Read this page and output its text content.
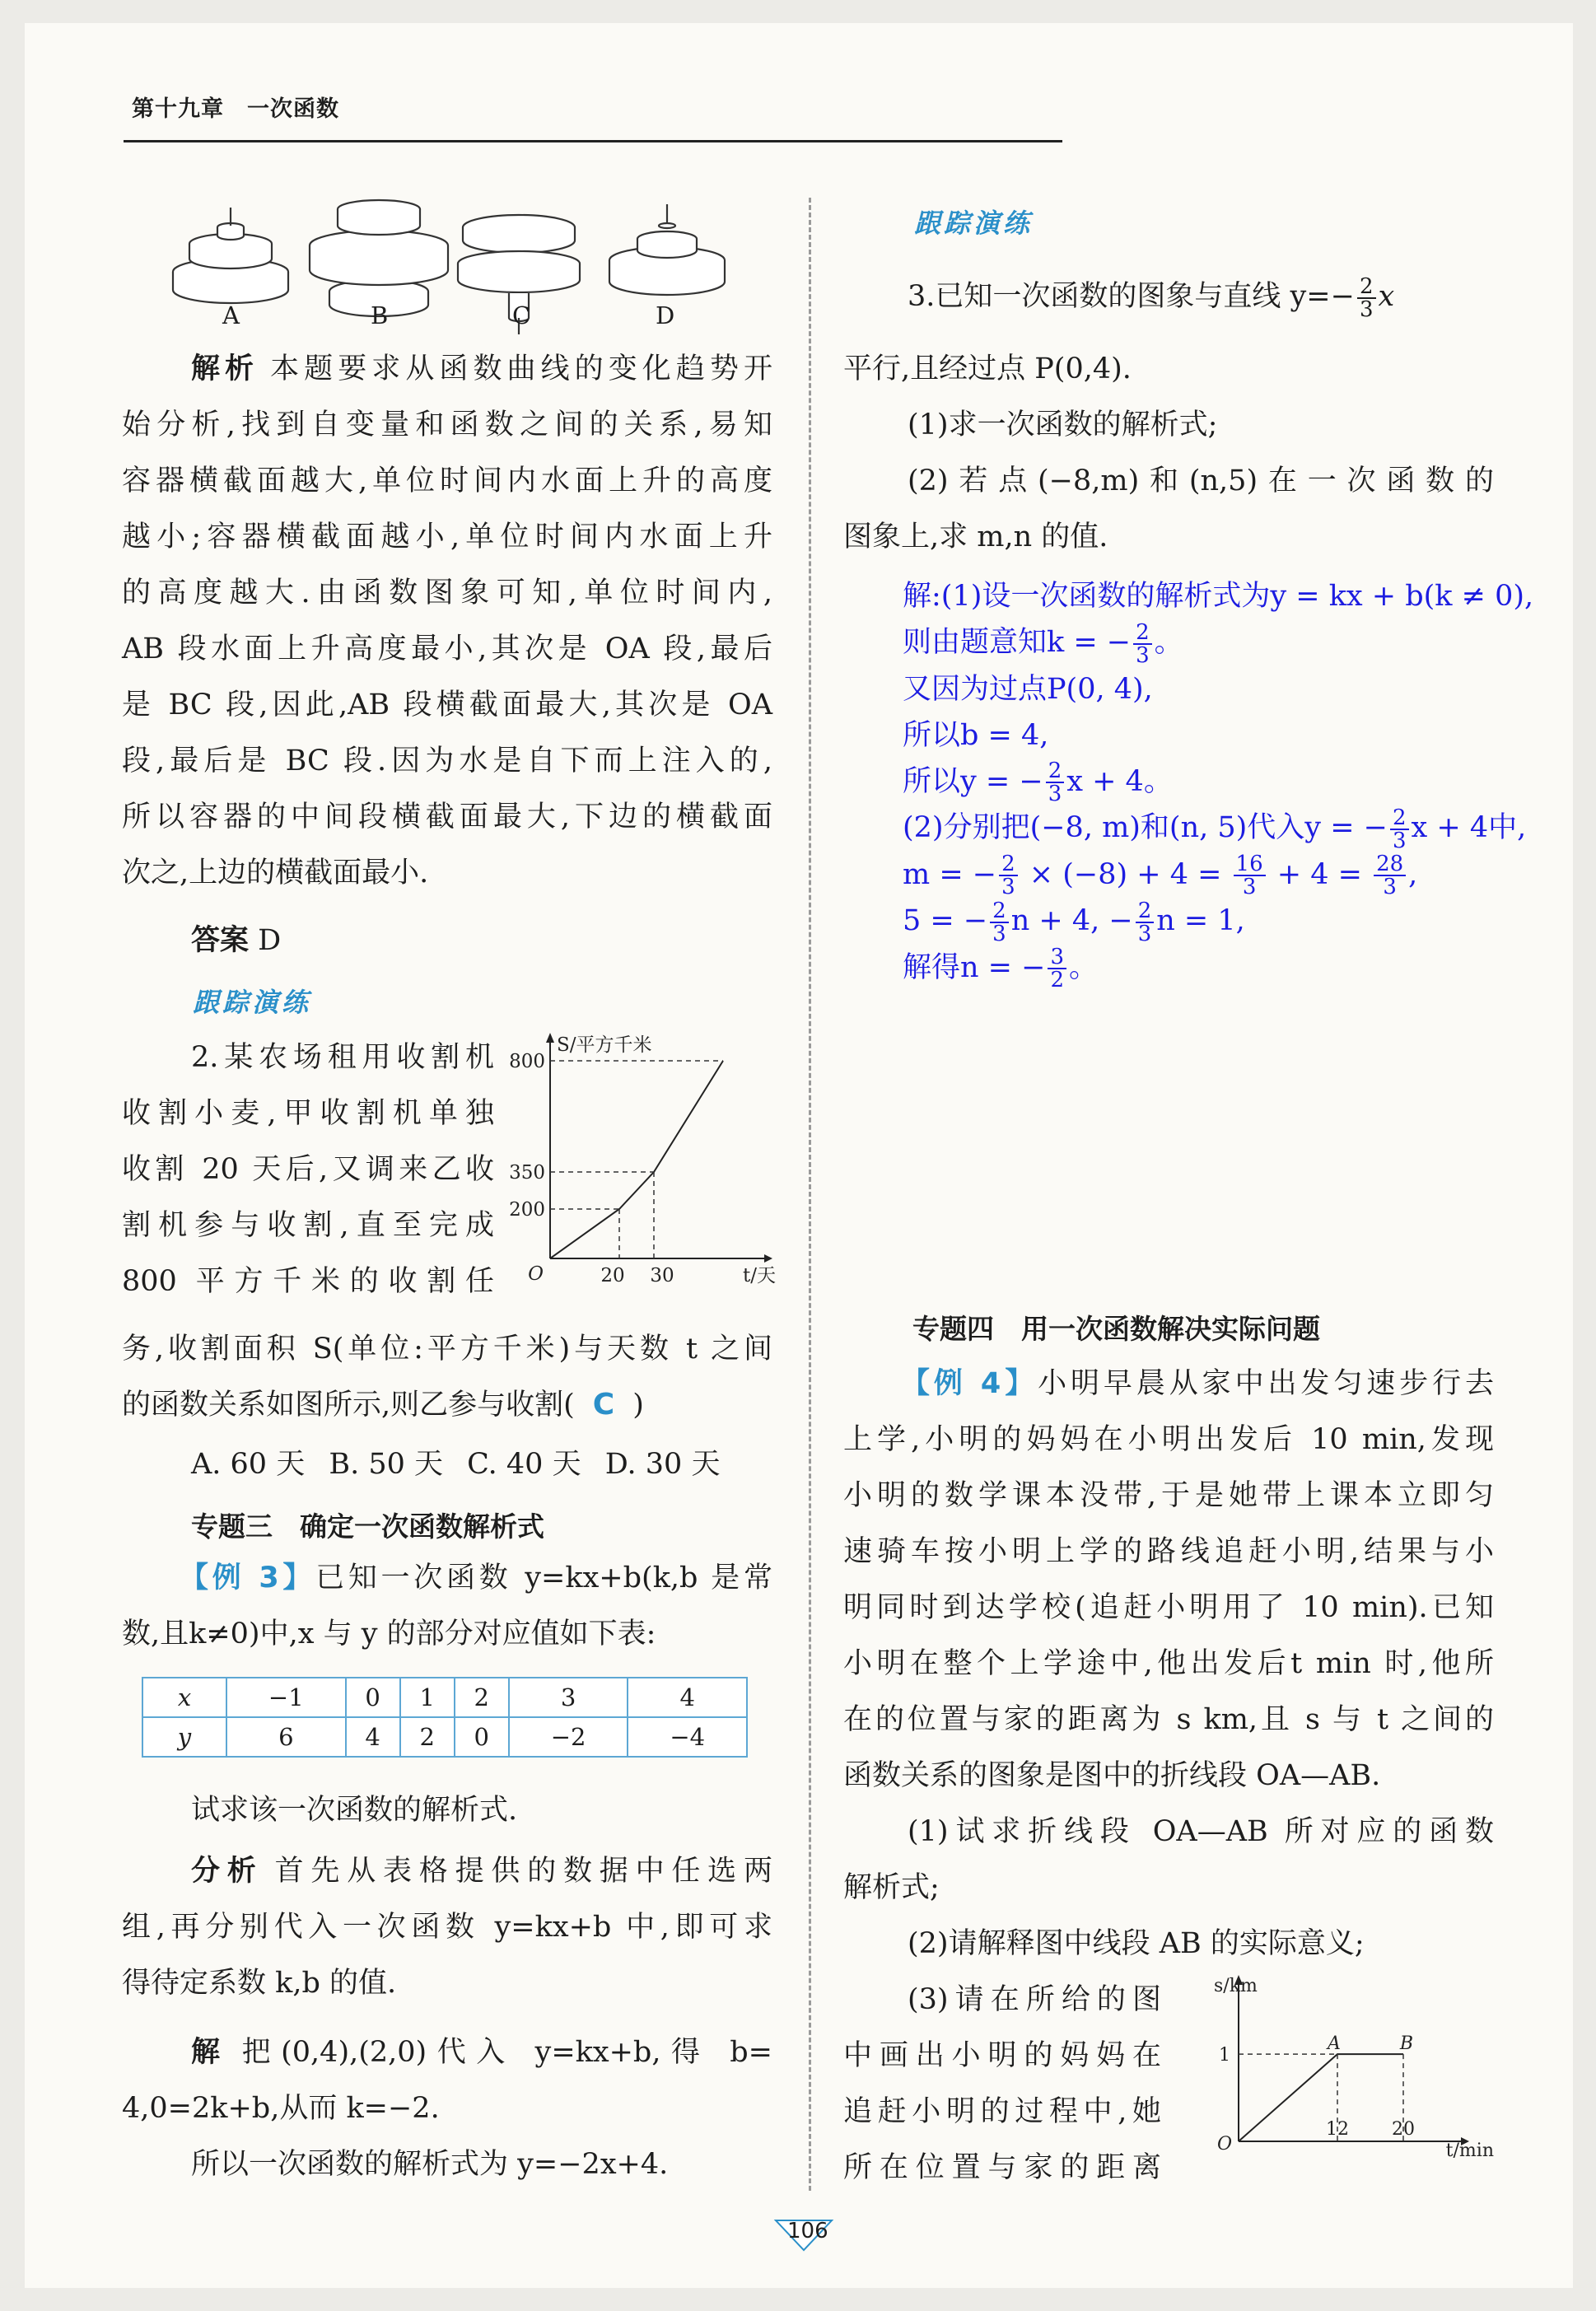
第十九章　一次函数
A	B	C	D
解析 本题要求从函数曲线的变化趋势开
始分析,找到自变量和函数之间的关系,易知
容器横截面越大,单位时间内水面上升的高度
越小;容器横截面越小,单位时间内水面上升
的高度越大.由函数图象可知,单位时间内,
AB 段水面上升高度最小,其次是 OA 段,最后
是 BC 段,因此,AB 段横截面最大,其次是 OA
段,最后是 BC 段.因为水是自下而上注入的,
所以容器的中间段横截面最大,下边的横截面
次之,上边的横截面最小.
答案 D
跟踪演练
2.某农场租用收割机
收割小麦,甲收割机单独
收割 20 天后,又调来乙收
割机参与收割,直至完成
800 平方千米的收割任
200
350
800
20 30
O
S/平方千米
t/天
务,收割面积 S(单位:平方千米)与天数 t 之间
的函数关系如图所示,则乙参与收割( C )
A. 60 天 B. 50 天 C. 40 天 D. 30 天
专题三　确定一次函数解析式
【例 3】已知一次函数 y=kx+b(k,b 是常
数,且k≠0)中,x 与 y 的部分对应值如下表:
x	−1	0	1	2	3	4
y	6	4	2	0	−2	−4
试求该一次函数的解析式.
分析 首先从表格提供的数据中任选两
组,再分别代入一次函数 y=kx+b 中,即可求
得待定系数 k,b 的值.
解 把(0,4),(2,0)代入 y=kx+b,得 b=
4,0=2k+b,从而 k=−2.
所以一次函数的解析式为 y=−2x+4.
跟踪演练
3.已知一次函数的图象与直线 $y=- \frac{2}{3}$ x
平行,且经过点 P(0,4).
(1)求一次函数的解析式;
(2)若点(−8,m)和(n,5)在一次函数的
图象上,求 m,n 的值.
解:(1)设一次函数的解析式为y = kx + b(k ≠ 0),
则由题意知k = − $\frac{2}{3}$ 。
又因为过点P(0, 4),
所以b = 4,
所以y = − $\frac{2}{3}$ x + 4。
(2)分别把(−8, m)和(n, 5)代入y = − $\frac{2}{3}$ x + 4中,
m = − $\frac{2}{3} \times (-8) + 4 = \frac{16}{3} + 4 = \frac{28}{3}$ ,
5 = − $\frac{2}{3}$ n + 4, − $\frac{2}{3}$ n = 1,
解得n = − $\frac{3}{2}$ 。
专题四　用一次函数解决实际问题
【例 4】小明早晨从家中出发匀速步行去
上学,小明的妈妈在小明出发后 10 min,发现
小明的数学课本没带,于是她带上课本立即匀
速骑车按小明上学的路线追赶小明,结果与小
明同时到达学校(追赶小明用了 10 min).已知
小明在整个上学途中,他出发后t min 时,他所
在的位置与家的距离为 s km,且 s 与 t 之间的
函数关系的图象是图中的折线段 OA—AB.
(1)试求折线段 OA—AB 所对应的函数
解析式;
(2)请解释图中线段 AB 的实际意义;
(3)请在所给的图
中画出小明的妈妈在
追赶小明的过程中,她
所在位置与家的距离
1
12 20
O
A	B
s/km
t/min
106
